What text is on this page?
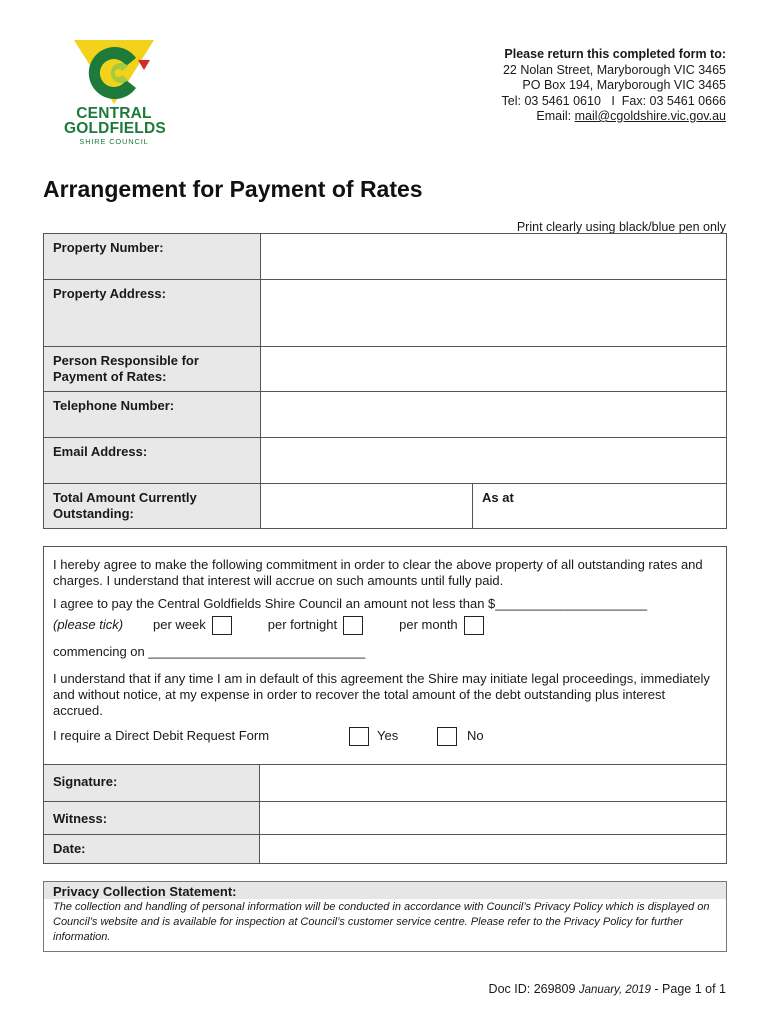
CENTRAL
GOLDFIELDS
SHIRE COUNCIL
Please return this completed form to:
22 Nolan Street, Maryborough VIC 3465
PO Box 194, Maryborough VIC 3465
Tel: 03 5461 0610   I  Fax: 03 5461 0666
Email: mail@cgoldshire.vic.gov.au
Arrangement for Payment of Rates
Print clearly using black/blue pen only
Property Number:		
Property Address:		
Person Responsible for
Payment of Rates:		
Telephone Number:		
Email Address:		
Total Amount Currently
Outstanding:		As at

I hereby agree to make the following commitment in order to clear the above property of all outstanding rates and charges. I understand that interest will accrue on such amounts until fully paid.

I agree to pay the Central Goldfields Shire Council an amount not less than $_____________________

(please tick)	per week	per fortnight	per month

commencing on ______________________________

I understand that if any time I am in default of this agreement the Shire may initiate legal proceedings, immediately and without notice, at my expense in order to recover the total amount of the debt outstanding plus interest accrued.

I require a Direct Debit Request Form	Yes	No
Signature:	
Witness:	
Date:	
Privacy Collection Statement:
The collection and handling of personal information will be conducted in accordance with Council’s Privacy Policy which is displayed on Council’s website and is available for inspection at Council’s customer service centre. Please refer to the Privacy Policy for further information.
Doc ID: 269809 January, 2019 - Page 1 of 1
